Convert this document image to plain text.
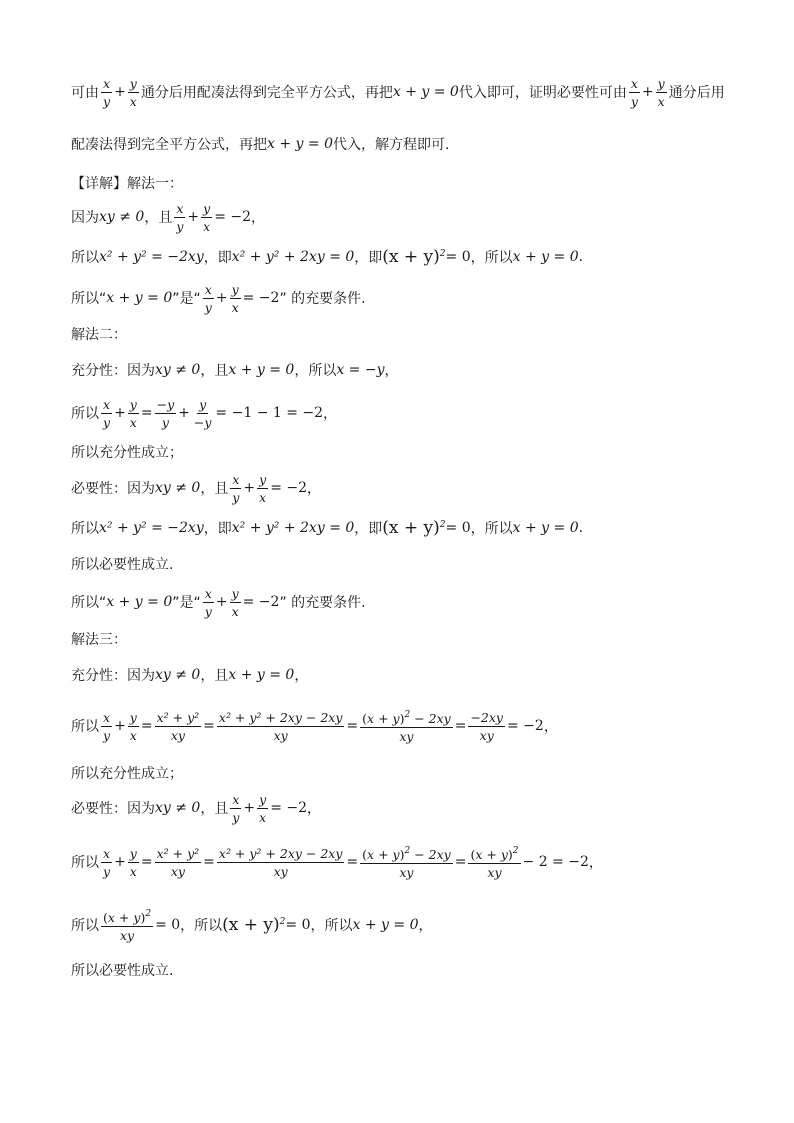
可由 $\frac{x}{y} + \frac{y}{x}$ 通分后用配凑法得到完全平方公式，再把 x + y = 0 代入即可，证明必要性可由 $\frac{x}{y} + \frac{y}{x}$ 通分后用
配凑法得到完全平方公式，再把 x + y = 0 代入，解方程即可.
【详解】解法一：
因为 xy ≠ 0 ，且 $\frac{x}{y} + \frac{y}{x} = -2$ ，
所以 x² + y² = −2xy ，即 x² + y² + 2xy = 0 ，即 $(x + y)^2 = 0$ ，所以 x + y = 0 .
所以“ x + y = 0 ”是“ $\frac{x}{y} + \frac{y}{x} = -2$ ” 的充要条件.
解法二：
充分性：因为 xy ≠ 0 ，且 x + y = 0 ，所以 x = −y ，
所以 $\frac{x}{y} + \frac{y}{x} = \frac{-y}{y} + \frac{y}{-y} = -1 - 1 = -2$ ，
所以充分性成立；
必要性：因为 xy ≠ 0 ，且 $\frac{x}{y} + \frac{y}{x} = -2$ ，
所以 x² + y² = −2xy ，即 x² + y² + 2xy = 0 ，即 $(x + y)^2 = 0$ ，所以 x + y = 0 .
所以必要性成立.
所以“ x + y = 0 ”是“ $\frac{x}{y} + \frac{y}{x} = -2$ ” 的充要条件.
解法三：
充分性：因为 xy ≠ 0 ，且 x + y = 0 ，
所以 $\frac{x}{y} + \frac{y}{x} = \frac{\text{x² + y²}}{xy} = \frac{\text{x² + y² + 2xy − 2xy}}{xy} = \frac{(x + y)^2 - 2xy}{xy} = \frac{-2xy}{xy} = -2$ ，
所以充分性成立；
必要性：因为 xy ≠ 0 ，且 $\frac{x}{y} + \frac{y}{x} = -2$ ，
所以 $\frac{x}{y} + \frac{y}{x} = \frac{\text{x² + y²}}{xy} = \frac{\text{x² + y² + 2xy − 2xy}}{xy} = \frac{(x + y)^2 - 2xy}{xy} = \frac{(x + y)^2}{xy} - 2 = -2$ ，
所以 $\frac{(x + y)^2}{xy} = 0$ ，所以 $(x + y)^2 = 0$ ，所以 x + y = 0 ，
所以必要性成立.
